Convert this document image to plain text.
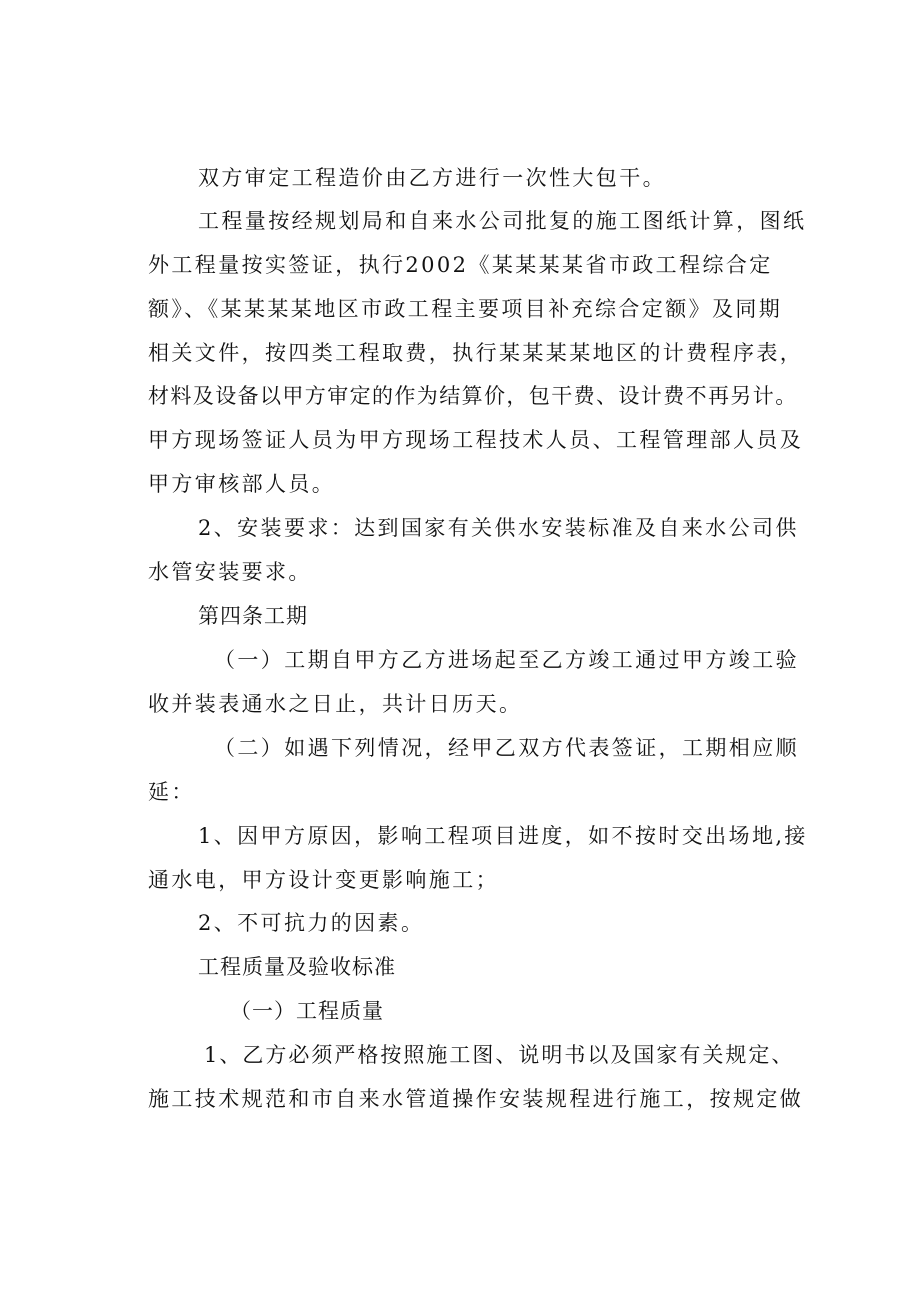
双方审定工程造价由乙方进行一次性大包干。
工程量按经规划局和自来水公司批复的施工图纸计算，图纸
外工程量按实签证，执行2002《某某某某省市政工程综合定
额》、《某某某某地区市政工程主要项目补充综合定额》及同期
相关文件，按四类工程取费，执行某某某某地区的计费程序表，
材料及设备以甲方审定的作为结算价，包干费、设计费不再另计。
甲方现场签证人员为甲方现场工程技术人员、工程管理部人员及
甲方审核部人员。
2、安装要求：达到国家有关供水安装标准及自来水公司供
水管安装要求。
第四条工期
（一）工期自甲方乙方进场起至乙方竣工通过甲方竣工验
收并装表通水之日止，共计日历天。
（二）如遇下列情况，经甲乙双方代表签证，工期相应顺
延：
1、因甲方原因，影响工程项目进度，如不按时交出场地,接
通水电，甲方设计变更影响施工；
2、不可抗力的因素。
工程质量及验收标准
（一）工程质量
1、乙方必须严格按照施工图、说明书以及国家有关规定、
施工技术规范和市自来水管道操作安装规程进行施工，按规定做
